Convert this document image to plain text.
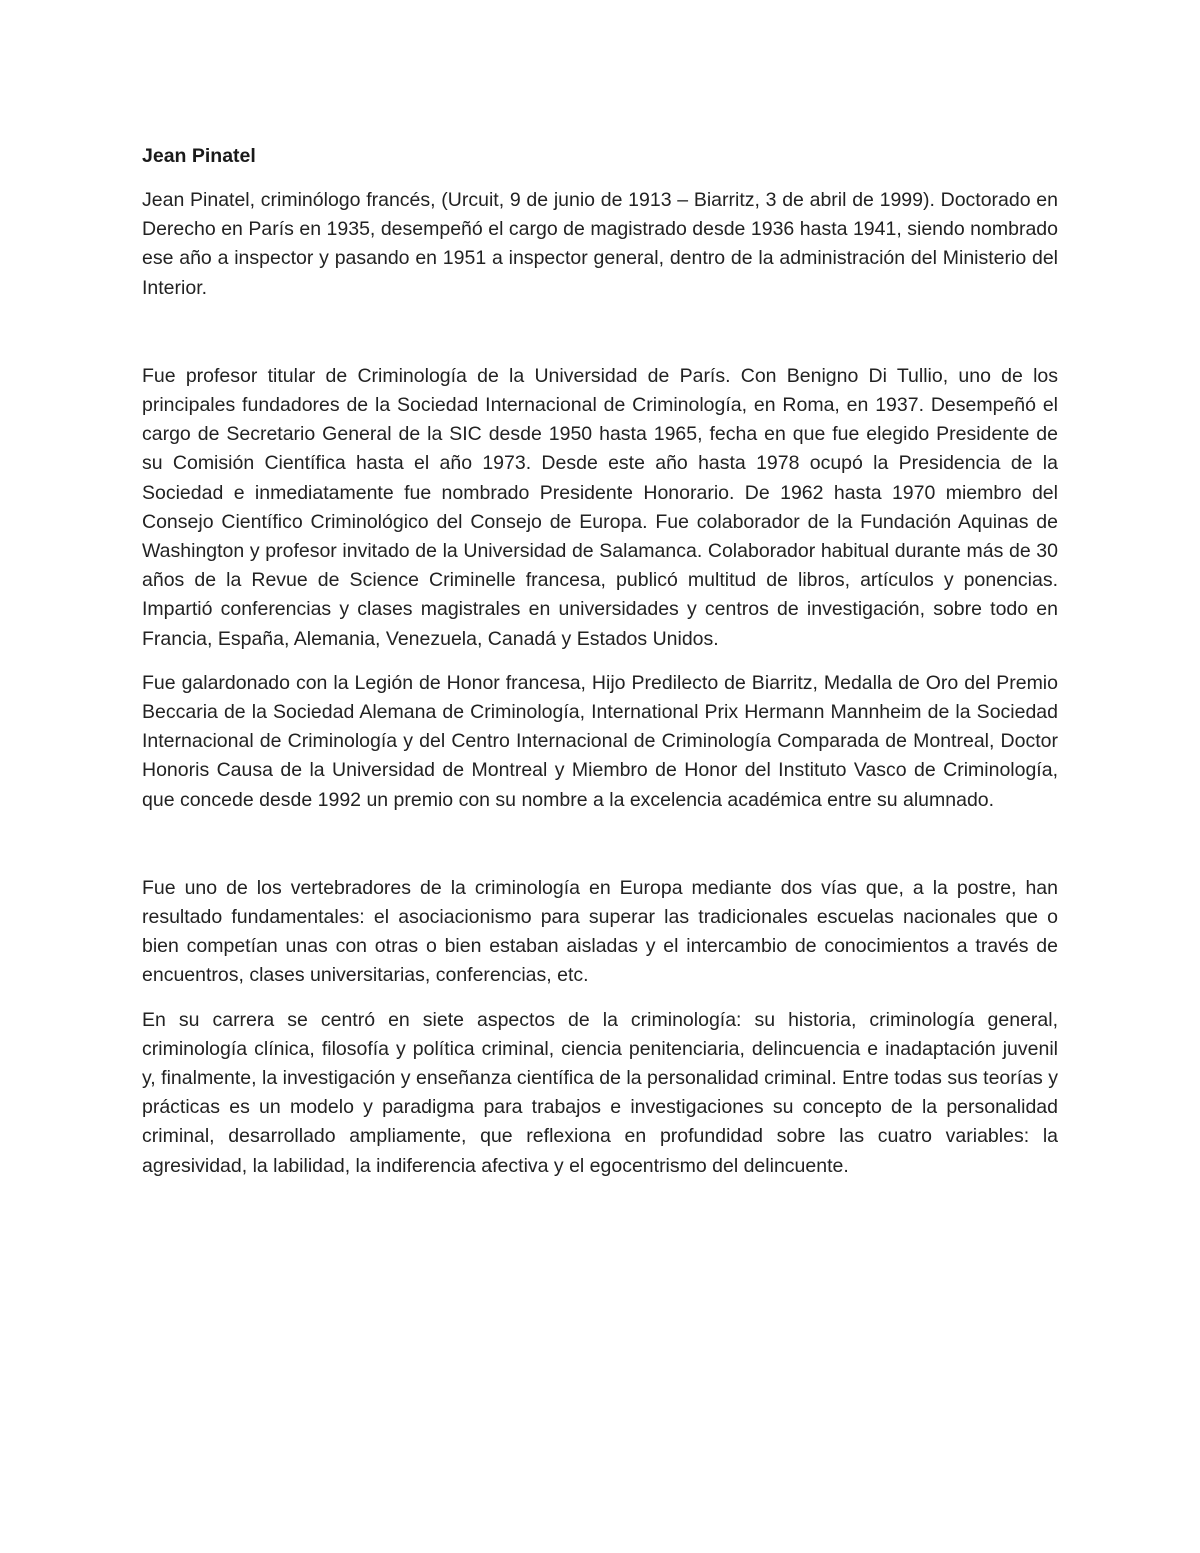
Jean Pinatel

Jean Pinatel, criminólogo francés, (Urcuit, 9 de junio de 1913 – Biarritz, 3 de abril de 1999). Doctorado en Derecho en París en 1935, desempeñó el cargo de magistrado desde 1936 hasta 1941, siendo nombrado ese año a inspector y pasando en 1951 a inspector general, dentro de la administración del Ministerio del Interior.

Fue profesor titular de Criminología de la Universidad de París. Con Benigno Di Tullio, uno de los principales fundadores de la Sociedad Internacional de Criminología, en Roma, en 1937. Desempeñó el cargo de Secretario General de la SIC desde 1950 hasta 1965, fecha en que fue elegido Presidente de su Comisión Científica hasta el año 1973. Desde este año hasta 1978 ocupó la Presidencia de la Sociedad e inmediatamente fue nombrado Presidente Honorario. De 1962 hasta 1970 miembro del Consejo Científico Criminológico del Consejo de Europa. Fue colaborador de la Fundación Aquinas de Washington y profesor invitado de la Universidad de Salamanca. Colaborador habitual durante más de 30 años de la Revue de Science Criminelle francesa, publicó multitud de libros, artículos y ponencias. Impartió conferencias y clases magistrales en universidades y centros de investigación, sobre todo en Francia, España, Alemania, Venezuela, Canadá y Estados Unidos.

Fue galardonado con la Legión de Honor francesa, Hijo Predilecto de Biarritz, Medalla de Oro del Premio Beccaria de la Sociedad Alemana de Criminología, International Prix Hermann Mannheim de la Sociedad Internacional de Criminología y del Centro Internacional de Criminología Comparada de Montreal, Doctor Honoris Causa de la Universidad de Montreal y Miembro de Honor del Instituto Vasco de Criminología, que concede desde 1992 un premio con su nombre a la excelencia académica entre su alumnado.

Fue uno de los vertebradores de la criminología en Europa mediante dos vías que, a la postre, han resultado fundamentales: el asociacionismo para superar las tradicionales escuelas nacionales que o bien competían unas con otras o bien estaban aisladas y el intercambio de conocimientos a través de encuentros, clases universitarias, conferencias, etc.

En su carrera se centró en siete aspectos de la criminología: su historia, criminología general, criminología clínica, filosofía y política criminal, ciencia penitenciaria, delincuencia e inadaptación juvenil y, finalmente, la investigación y enseñanza científica de la personalidad criminal. Entre todas sus teorías y prácticas es un modelo y paradigma para trabajos e investigaciones su concepto de la personalidad criminal, desarrollado ampliamente, que reflexiona en profundidad sobre las cuatro variables: la agresividad, la labilidad, la indiferencia afectiva y el egocentrismo del delincuente.
